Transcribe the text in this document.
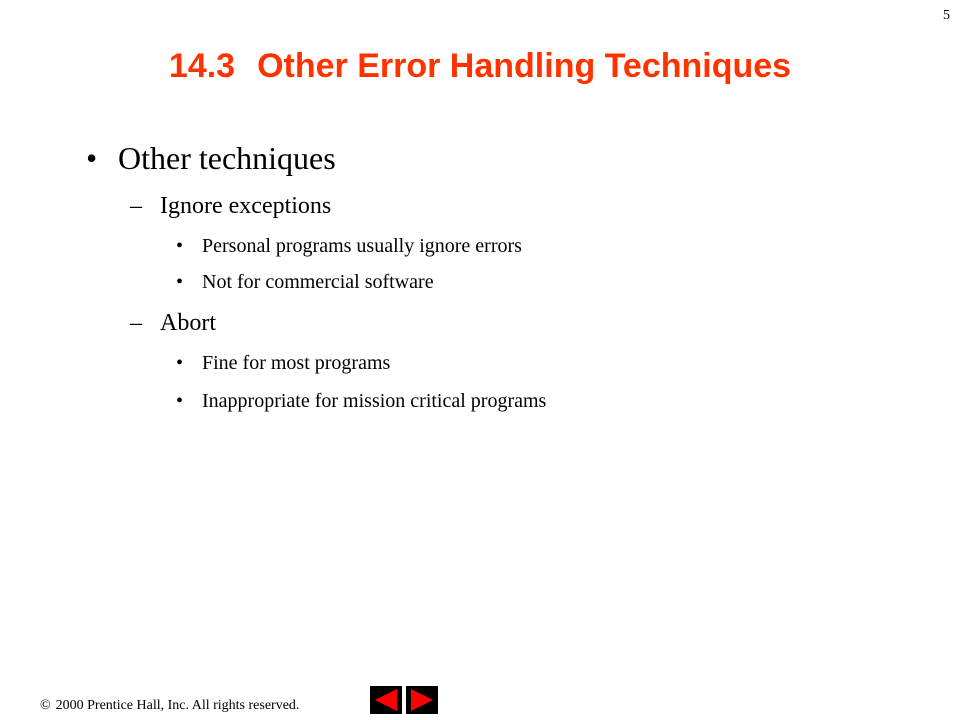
5
14.3 Other Error Handling Techniques
• Other techniques
– Ignore exceptions
• Personal programs usually ignore errors
• Not for commercial software
– Abort
• Fine for most programs
• Inappropriate for mission critical programs
© 2000 Prentice Hall, Inc. All rights reserved.
